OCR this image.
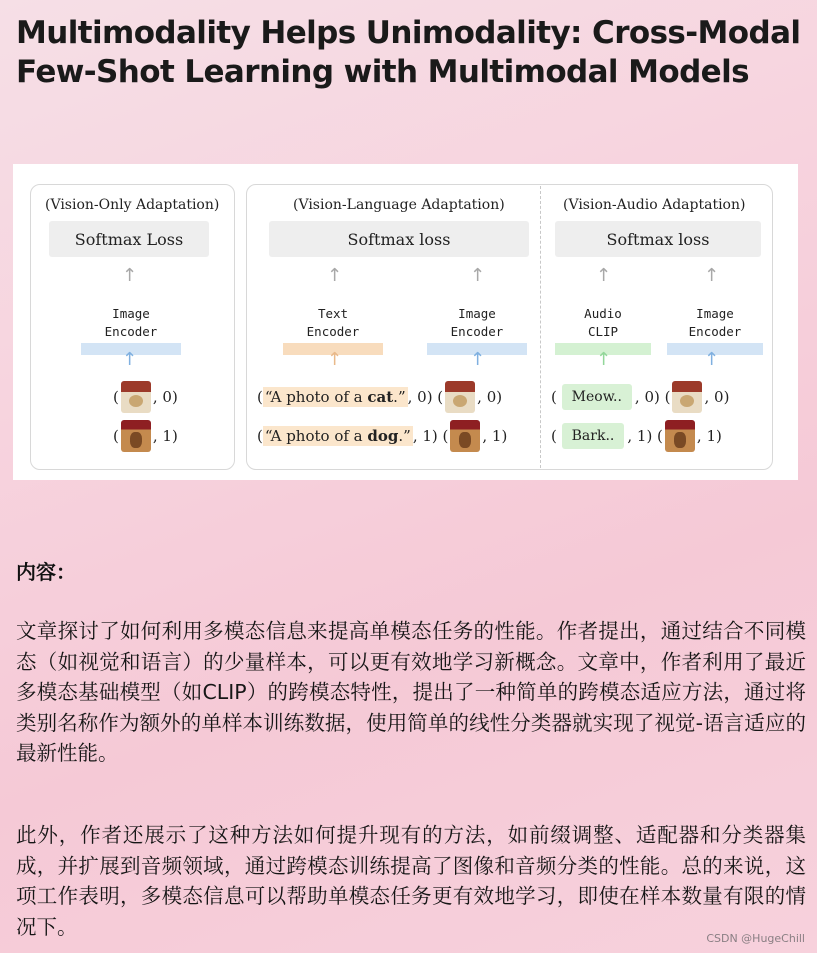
Multimodality Helps Unimodality: Cross-Modal Few-Shot Learning with Multimodal Models
(Vision-Only Adaptation)
Softmax Loss
↑
Image
Encoder
↑
( , 0)
( , 1)
(Vision-Language Adaptation)
Softmax loss
↑	↑
Text
Encoder
Image
Encoder
↑	↑
( “A photo of a cat.” , 0) ( , 0)
( “A photo of a dog.” , 1) ( , 1)
(Vision-Audio Adaptation)
Softmax loss
↑	↑
Audio
CLIP
Image
Encoder
↑	↑
(
	Meow.. , 0) ( , 0)
(
	Bark.. , 1) ( , 1)
内容：

文章探讨了如何利用多模态信息来提高单模态任务的性能。作者提出，通过结合不同模态（如视觉和语言）的少量样本，可以更有效地学习新概念。文章中，作者利用了最近多模态基础模型（如CLIP）的跨模态特性，提出了一种简单的跨模态适应方法，通过将类别名称作为额外的单样本训练数据，使用简单的线性分类器就实现了视觉-语言适应的最新性能。

此外，作者还展示了这种方法如何提升现有的方法，如前缀调整、适配器和分类器集成，并扩展到音频领域，通过跨模态训练提高了图像和音频分类的性能。总的来说，这项工作表明，多模态信息可以帮助单模态任务更有效地学习，即使在样本数量有限的情况下。	CSDN @HugeChill
